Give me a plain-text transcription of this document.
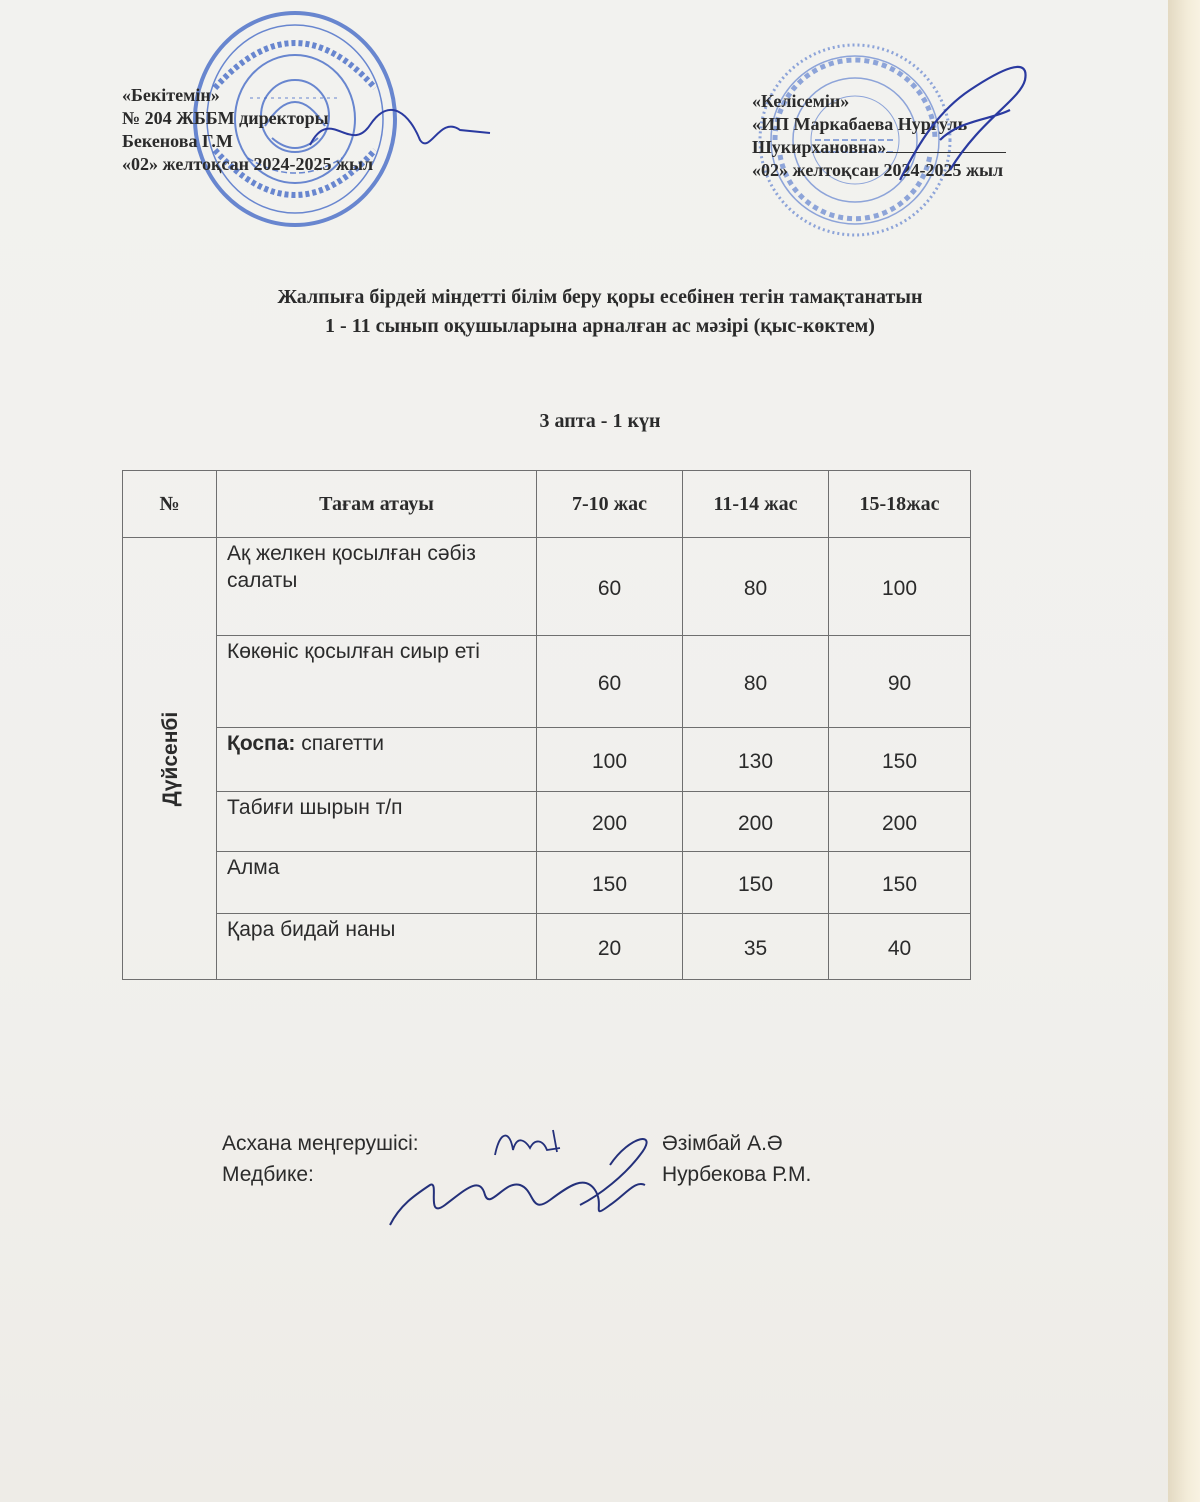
«Бекітемін»
№ 204 ЖББМ директоры
Бекенова Г.М
«02» желтоқсан 2024-2025 жыл
«Келісемін»
«ИП Маркабаева Нургуль
Шукирхановна»
«02» желтоқсан 2024-2025 жыл
Жалпыға бірдей міндетті білім беру қоры есебінен тегін тамақтанатын
1 - 11 сынып оқушыларына арналған ас мәзірі (қыс-көктем)
3 апта - 1 күн
№	Тағам атауы	7-10 жас	11-14 жас	15-18жас
Дүйсенбі	Ақ желкен қосылған сәбіз салаты	60	80	100
	Көкөніс қосылған сиыр еті	60	80	90
	Қоспа: спагетти	100	130	150
	Табиғи шырын т/п	200	200	200
	Алма	150	150	150
	Қара бидай наны	20	35	40
Асхана меңгерушісі:	Әзімбай А.Ә
Медбике:	Нурбекова Р.М.
